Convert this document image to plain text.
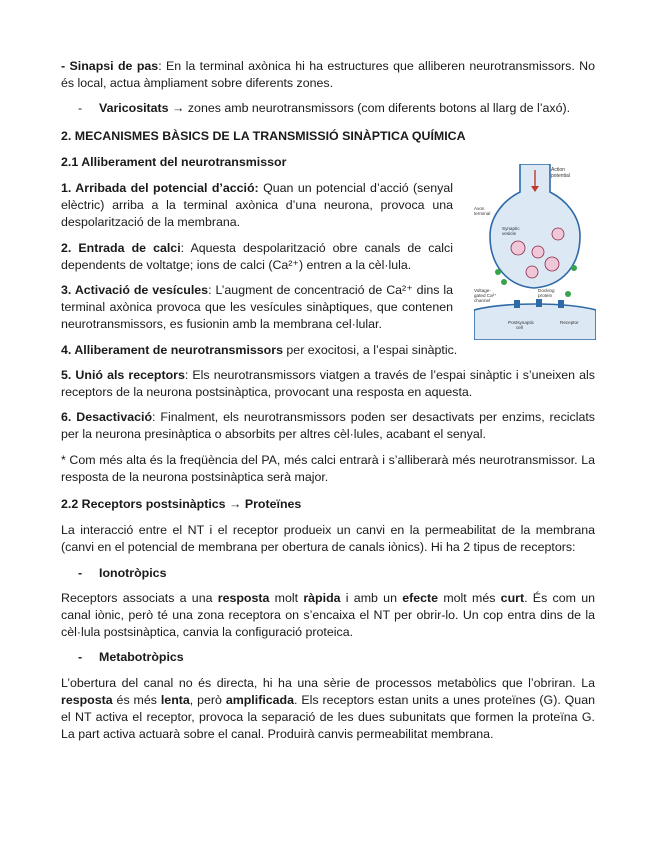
- Sinapsi de pas: En la terminal axònica hi ha estructures que alliberen neurotransmissors. No és local, actua àmpliament sobre diferents zones.

-	Varicositats → zones amb neurotransmissors (com diferents botons al llarg de l’axó).
2. MECANISMES BÀSICS DE LA TRANSMISSIÓ SINÀPTICA QUÍMICA
2.1 Alliberament del neurotransmissor

1. Arribada del potencial d’acció: Quan un potencial d’acció (senyal elèctric) arriba a la terminal axònica d’una neurona, provoca una despolarització de la membrana.

2. Entrada de calci: Aquesta despolarització obre canals de calci dependents de voltatge; ions de calci (Ca²⁺) entren a la cèl·lula.

3. Activació de vesícules: L’augment de concentració de Ca²⁺ dins la terminal axònica provoca que les vesícules sinàptiques, que contenen neurotransmissors, es fusionin amb la membrana cel·lular.

4. Alliberament de neurotransmissors per exocitosi, a l’espai sinàptic.

5. Unió als receptors: Els neurotransmissors viatgen a través de l’espai sinàptic i s’uneixen als receptors de la neurona postsinàptica, provocant una resposta en aquesta.

6. Desactivació: Finalment, els neurotransmissors poden ser desactivats per enzims, reciclats per la neurona presinàptica o absorbits per altres cèl·lules, acabant el senyal.

* Com més alta és la freqüència del PA, més calci entrarà i s’alliberarà més neurotransmissor. La resposta de la neurona postsinàptica serà major.

2.2 Receptors postsinàptics → Proteïnes

La interacció entre el NT i el receptor produeix un canvi en la permeabilitat de la membrana (canvi en el potencial de membrana per obertura de canals iònics). Hi ha 2 tipus de receptors:

-	Ionotròpics

Receptors associats a una resposta molt ràpida i amb un efecte molt més curt. És com un canal iònic, però té una zona receptora on s’encaixa el NT per obrir-lo. Un cop entra dins de la cèl·lula postsinàptica, canvia la configuració proteica.

-	Metabotròpics

L’obertura del canal no és directa, hi ha una sèrie de processos metabòlics que l’obriran. La resposta és més lenta, però amplificada. Els receptors estan units a unes proteïnes (G). Quan el NT activa el receptor, provoca la separació de les dues subunitats que formen la proteïna G. La part activa actuarà sobre el canal. Produirà canvis permeabilitat membrana.

Action
potential
Axon
terminal
Synaptic
vesicle
Voltage-
gated Ca²⁺
channel
Docking
protein
Postsynaptic
cell
Receptor
